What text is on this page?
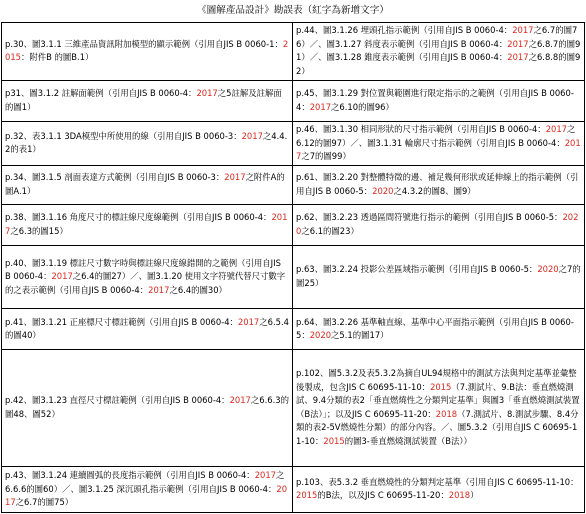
《圖解產品設計》勘誤表（紅字為新增文字）
p.30、圖3.1.1 三維產品資訊附加模型的顯示範例（引用自JIS B 0060-1：2015：附件B 的圖B.1）	p.44、圖3.1.26 埋頭孔指示範例（引用自JIS B 0060-4：2017之6.7的圖76）／、圖3.1.27 斜度表示範例（引用自JIS B 0060-4：2017之6.8.7的圖91）／、圖3.1.28 錐度表示範例（引用自JIS B 0060-4：2017之6.8.8的圖92）
p31、圖3.1.2 註解面範例（引用自JIS B 0060-4：2017之5註解及註解面的圖1）	p.45、圖3.1.29 對位置與範圍進行限定指示的之範例（引用自JIS B 0060-4：2017之6.10的圖96）
p.32、表3.1.1 3DA模型中所使用的線（引用自JIS B 0060-3：2017之4.4.2的表1）	p.46、圖3.1.30 相同形狀的尺寸指示範例（引用自JIS B 0060-4：2017之6.12的圖97）／、圖3.1.31 輪廓尺寸指示範例（引用自JIS B 0060-4：2017之7的圖99）
p.34、圖3.1.5 剖面表達方式範例（引用自JIS B 0060-3：2017之附件A的圖A.1）	p.61、圖3.2.20 對整體特徵的邊、補足幾何形狀或延伸線上的指示範例（引用自JIS B 0060-5：2020之4.3.2的圖8、圖9）
p.38、圖3.1.16 角度尺寸的標註線尺度線範例（引用自JIS B 0060-4：2017之6.3的圖15）	p.62、圖3.2.23 透過區間符號進行指示的範例（引用自JIS B 0060-5：2020之6.1的圖23）
p.40、圖3.1.19 標註尺寸數字時與標註線尺度線錯開的之範例（引用自JIS B 0060-4：2017之6.4的圖27）／、圖3.1.20 使用文字符號代替尺寸數字的之表示範例（引用自JIS B 0060-4：2017之6.4的圖30）	p.63、圖3.2.24 投影公差區域指示範例（引用自JIS B 0060-5：2020之7的圖25）
p.41、圖3.1.21 正座標尺寸標註範例（引用自JIS B 0060-4：2017之6.5.4的圖40）	p.64、圖3.2.26 基準軸直線、基準中心平面指示範例（引用自JIS B 0060-5：2020之5.1的圖17）
p.42、圖3.1.23 直徑尺寸標註範例（引用自JIS B 0060-4：2017之6.6.3的圖48、圖52）	p.102、圖5.3.2及表5.3.2為摘自UL94規格中的測試方法與判定基準並彙整後製成，包含JIS C 60695-11-10：2015（7.測試片、9.B法：垂直燃燒測試、9.4分類的表2「垂直燃燒性之分類判定基準」與圖3「垂直燃燒測試裝置（B法）」；以及JIS C 60695-11-20：2018（7.測試片、8.測試步驟、8.4分類的表2-5V燃燒性分類）的部分內容。／、圖5.3.2（引用自JIS C 60695-11-10：2015的圖3-垂直燃燒測試裝置（B法））
p.43、圖3.1.24 連續圓弧的長度指示範例（引用自JIS B 0060-4：2017之6.6.6的圖60）／、圖3.1.25 深沉頭孔指示範例（引用自JIS B 0060-4：2017之6.7的圖75）	p.103、表5.3.2 垂直燃燒性的分類判定基準（引用自JIS C 60695-11-10：2015的B法，以及JIS C 60695-11-20：2018）
